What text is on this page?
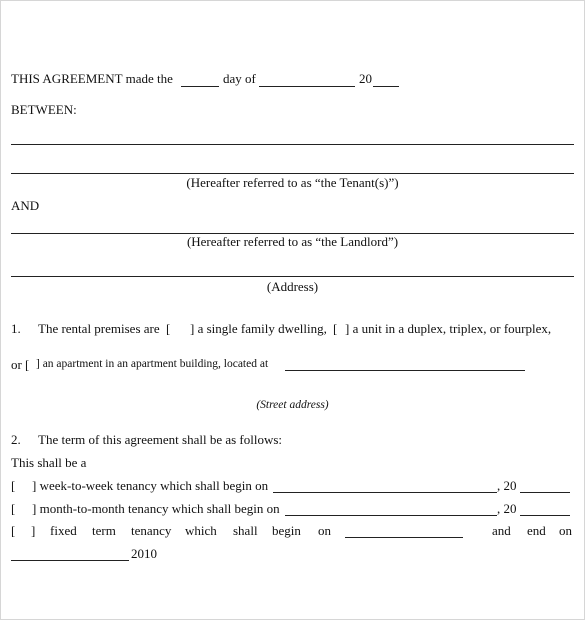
THIS AGREEMENT made the	day of	20
BETWEEN:
(Hereafter referred to as “the Tenant(s)”)
AND
(Hereafter referred to as “the Landlord”)
(Address)
1. The rental premises are [ ] a single family dwelling, [ ] a unit in a duplex, triplex, or fourplex,
or [ ] an apartment in an apartment building, located at
(Street address)
2. The term of this agreement shall be as follows:
This shall be a
[ ] week-to-week tenancy which shall begin on	, 20
[ ] month-to-month tenancy which shall begin on	, 20
[ ] fixed term tenancy which shall begin on	and end on
2010
